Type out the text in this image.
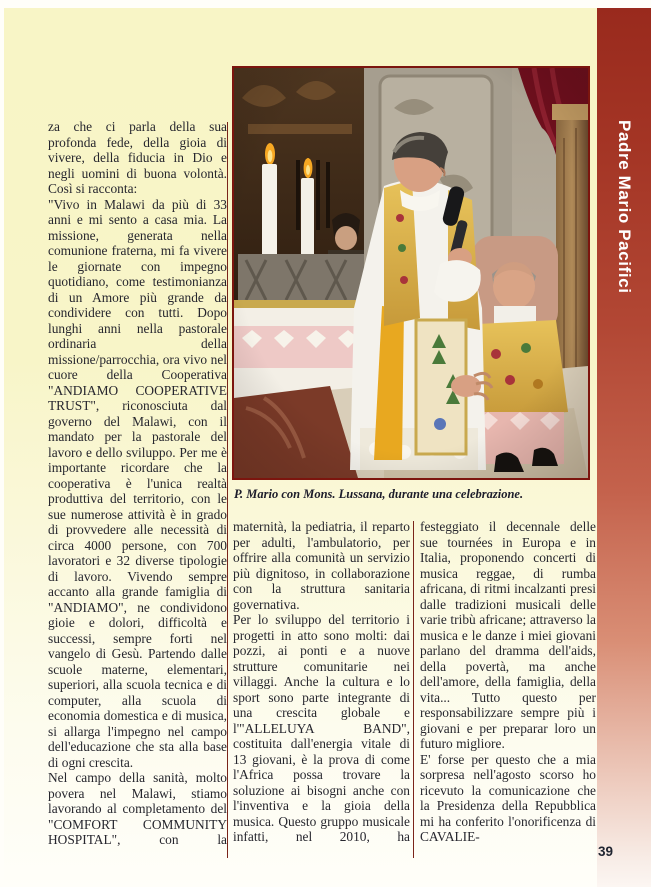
Padre Mario Pacifici
P. Mario con Mons. Lussana, durante una celebrazione.

za che ci parla della sua profonda fede, della gioia di vivere, della fiducia in Dio e negli uomini di buona volontà. Così si racconta:

"Vivo in Malawi da più di 33 anni e mi sento a casa mia. La missione, generata nella comunione fraterna, mi fa vivere le giornate con impegno quotidiano, come testimonianza di un Amore più grande da condividere con tutti. Dopo lunghi anni nella pastorale ordinaria della missione/parrocchia, ora vivo nel cuore della Cooperativa "ANDIAMO COOPERATIVE TRUST", riconosciuta dal governo del Malawi, con il mandato per la pastorale del lavoro e dello sviluppo. Per me è importante ricordare che la cooperativa è l'unica realtà produttiva del territorio, con le sue numerose attività è in grado di provvedere alle necessità di circa 4000 persone, con 700 lavoratori e 32 diverse tipologie di lavoro. Vivendo sempre accanto alla grande famiglia di "ANDIAMO", ne condividono gioie e dolori, difficoltà e successi, sempre forti nel vangelo di Gesù. Partendo dalle scuole materne, elementari, superiori, alla scuola tecnica e di computer, alla scuola di economia domestica e di musica, si allarga l'impegno nel campo dell'educazione che sta alla base di ogni crescita.

Nel campo della sanità, molto povera nel Malawi, stiamo lavorando al completamento del "COMFORT COMMUNITY HOSPITAL", con la

maternità, la pediatria, il reparto per adulti, l'ambulatorio, per offrire alla comunità un servizio più dignitoso, in collaborazione con la struttura sanitaria governativa.

Per lo sviluppo del territorio i progetti in atto sono molti: dai pozzi, ai ponti e a nuove strutture comunitarie nei villaggi. Anche la cultura e lo sport sono parte integrante di una crescita globale e l'"ALLELUYA BAND", costituita dall'energia vitale di 13 giovani, è la prova di come l'Africa possa trovare la soluzione ai bisogni anche con l'inventiva e la gioia della musica. Questo gruppo musicale infatti, nel 2010, ha

festeggiato il decennale delle sue tournées in Europa e in Italia, proponendo concerti di musica reggae, di rumba africana, di ritmi incalzanti presi dalle tradizioni musicali delle varie tribù africane; attraverso la musica e le danze i miei giovani parlano del dramma dell'aids, della povertà, ma anche dell'amore, della famiglia, della vita... Tutto questo per responsabilizzare sempre più i giovani e per preparar loro un futuro migliore.

E' forse per questo che a mia sorpresa nell'agosto scorso ho ricevuto la comunicazione che la Presidenza della Repubblica mi ha conferito l'onorificenza di CAVALIE-

39
